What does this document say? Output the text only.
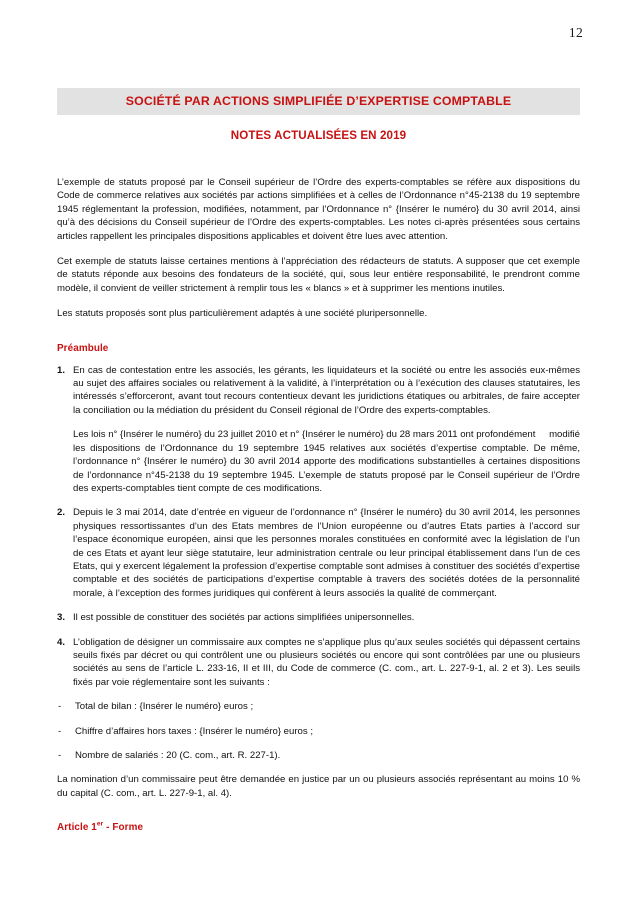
12
SOCIÉTÉ PAR ACTIONS SIMPLIFIÉE D’EXPERTISE COMPTABLE
NOTES ACTUALISÉES EN 2019

L’exemple de statuts proposé par le Conseil supérieur de l’Ordre des experts-comptables se réfère aux dispositions du Code de commerce relatives aux sociétés par actions simplifiées et à celles de l’Ordonnance n°45-2138 du 19 septembre 1945 réglementant la profession, modifiées, notamment, par l’Ordonnance n° {Insérer le numéro} du 30 avril 2014, ainsi qu’à des décisions du Conseil supérieur de l’Ordre des experts-comptables. Les notes ci-après présentées sous certains articles rappellent les principales dispositions applicables et doivent être lues avec attention.

Cet exemple de statuts laisse certaines mentions à l’appréciation des rédacteurs de statuts. A supposer que cet exemple de statuts réponde aux besoins des fondateurs de la société, qui, sous leur entière responsabilité, le prendront comme modèle, il convient de veiller strictement à remplir tous les « blancs » et à supprimer les mentions inutiles.

Les statuts proposés sont plus particulièrement adaptés à une société pluripersonnelle.

Préambule
1. En cas de contestation entre les associés, les gérants, les liquidateurs et la société ou entre les associés eux-mêmes au sujet des affaires sociales ou relativement à la validité, à l’interprétation ou à l’exécution des clauses statutaires, les intéressés s’efforceront, avant tout recours contentieux devant les juridictions étatiques ou arbitrales, de faire accepter la conciliation ou la médiation du président du Conseil régional de l’Ordre des experts-comptables.
Les lois n° {Insérer le numéro} du 23 juillet 2010 et n° {Insérer le numéro} du 28 mars 2011 ont profondément modifié
les dispositions de l’Ordonnance du 19 septembre 1945 relatives aux sociétés d’expertise comptable. De même, l’ordonnance n° {Insérer le numéro} du 30 avril 2014 apporte des modifications substantielles à certaines dispositions de l’ordonnance n°45-2138 du 19 septembre 1945. L’exemple de statuts proposé par le Conseil supérieur de l’Ordre des experts-comptables tient compte de ces modifications.
2. Depuis le 3 mai 2014, date d’entrée en vigueur de l’ordonnance n° {Insérer le numéro} du 30 avril 2014, les personnes physiques ressortissantes d’un des Etats membres de l’Union européenne ou d’autres Etats parties à l’accord sur l’espace économique européen, ainsi que les personnes morales constituées en conformité avec la législation de l’un de ces Etats et ayant leur siège statutaire, leur administration centrale ou leur principal établissement dans l’un de ces Etats, qui y exercent légalement la profession d’expertise comptable sont admises à constituer des sociétés d’expertise comptable et des sociétés de participations d’expertise comptable à travers des sociétés dotées de la personnalité morale, à l’exception des formes juridiques qui confèrent à leurs associés la qualité de commerçant.
3. Il est possible de constituer des sociétés par actions simplifiées unipersonnelles.
4. L’obligation de désigner un commissaire aux comptes ne s’applique plus qu’aux seules sociétés qui dépassent certains seuils fixés par décret ou qui contrôlent une ou plusieurs sociétés ou encore qui sont contrôlées par une ou plusieurs sociétés au sens de l’article L. 233-16, II et III, du Code de commerce (C. com., art. L. 227-9-1, al. 2 et 3). Les seuils fixés par voie réglementaire sont les suivants :
- Total de bilan : {Insérer le numéro} euros ;
- Chiffre d’affaires hors taxes : {Insérer le numéro} euros ;
- Nombre de salariés : 20 (C. com., art. R. 227-1).

La nomination d’un commissaire peut être demandée en justice par un ou plusieurs associés représentant au moins 10 % du capital (C. com., art. L. 227-9-1, al. 4).

Article 1er - Forme
